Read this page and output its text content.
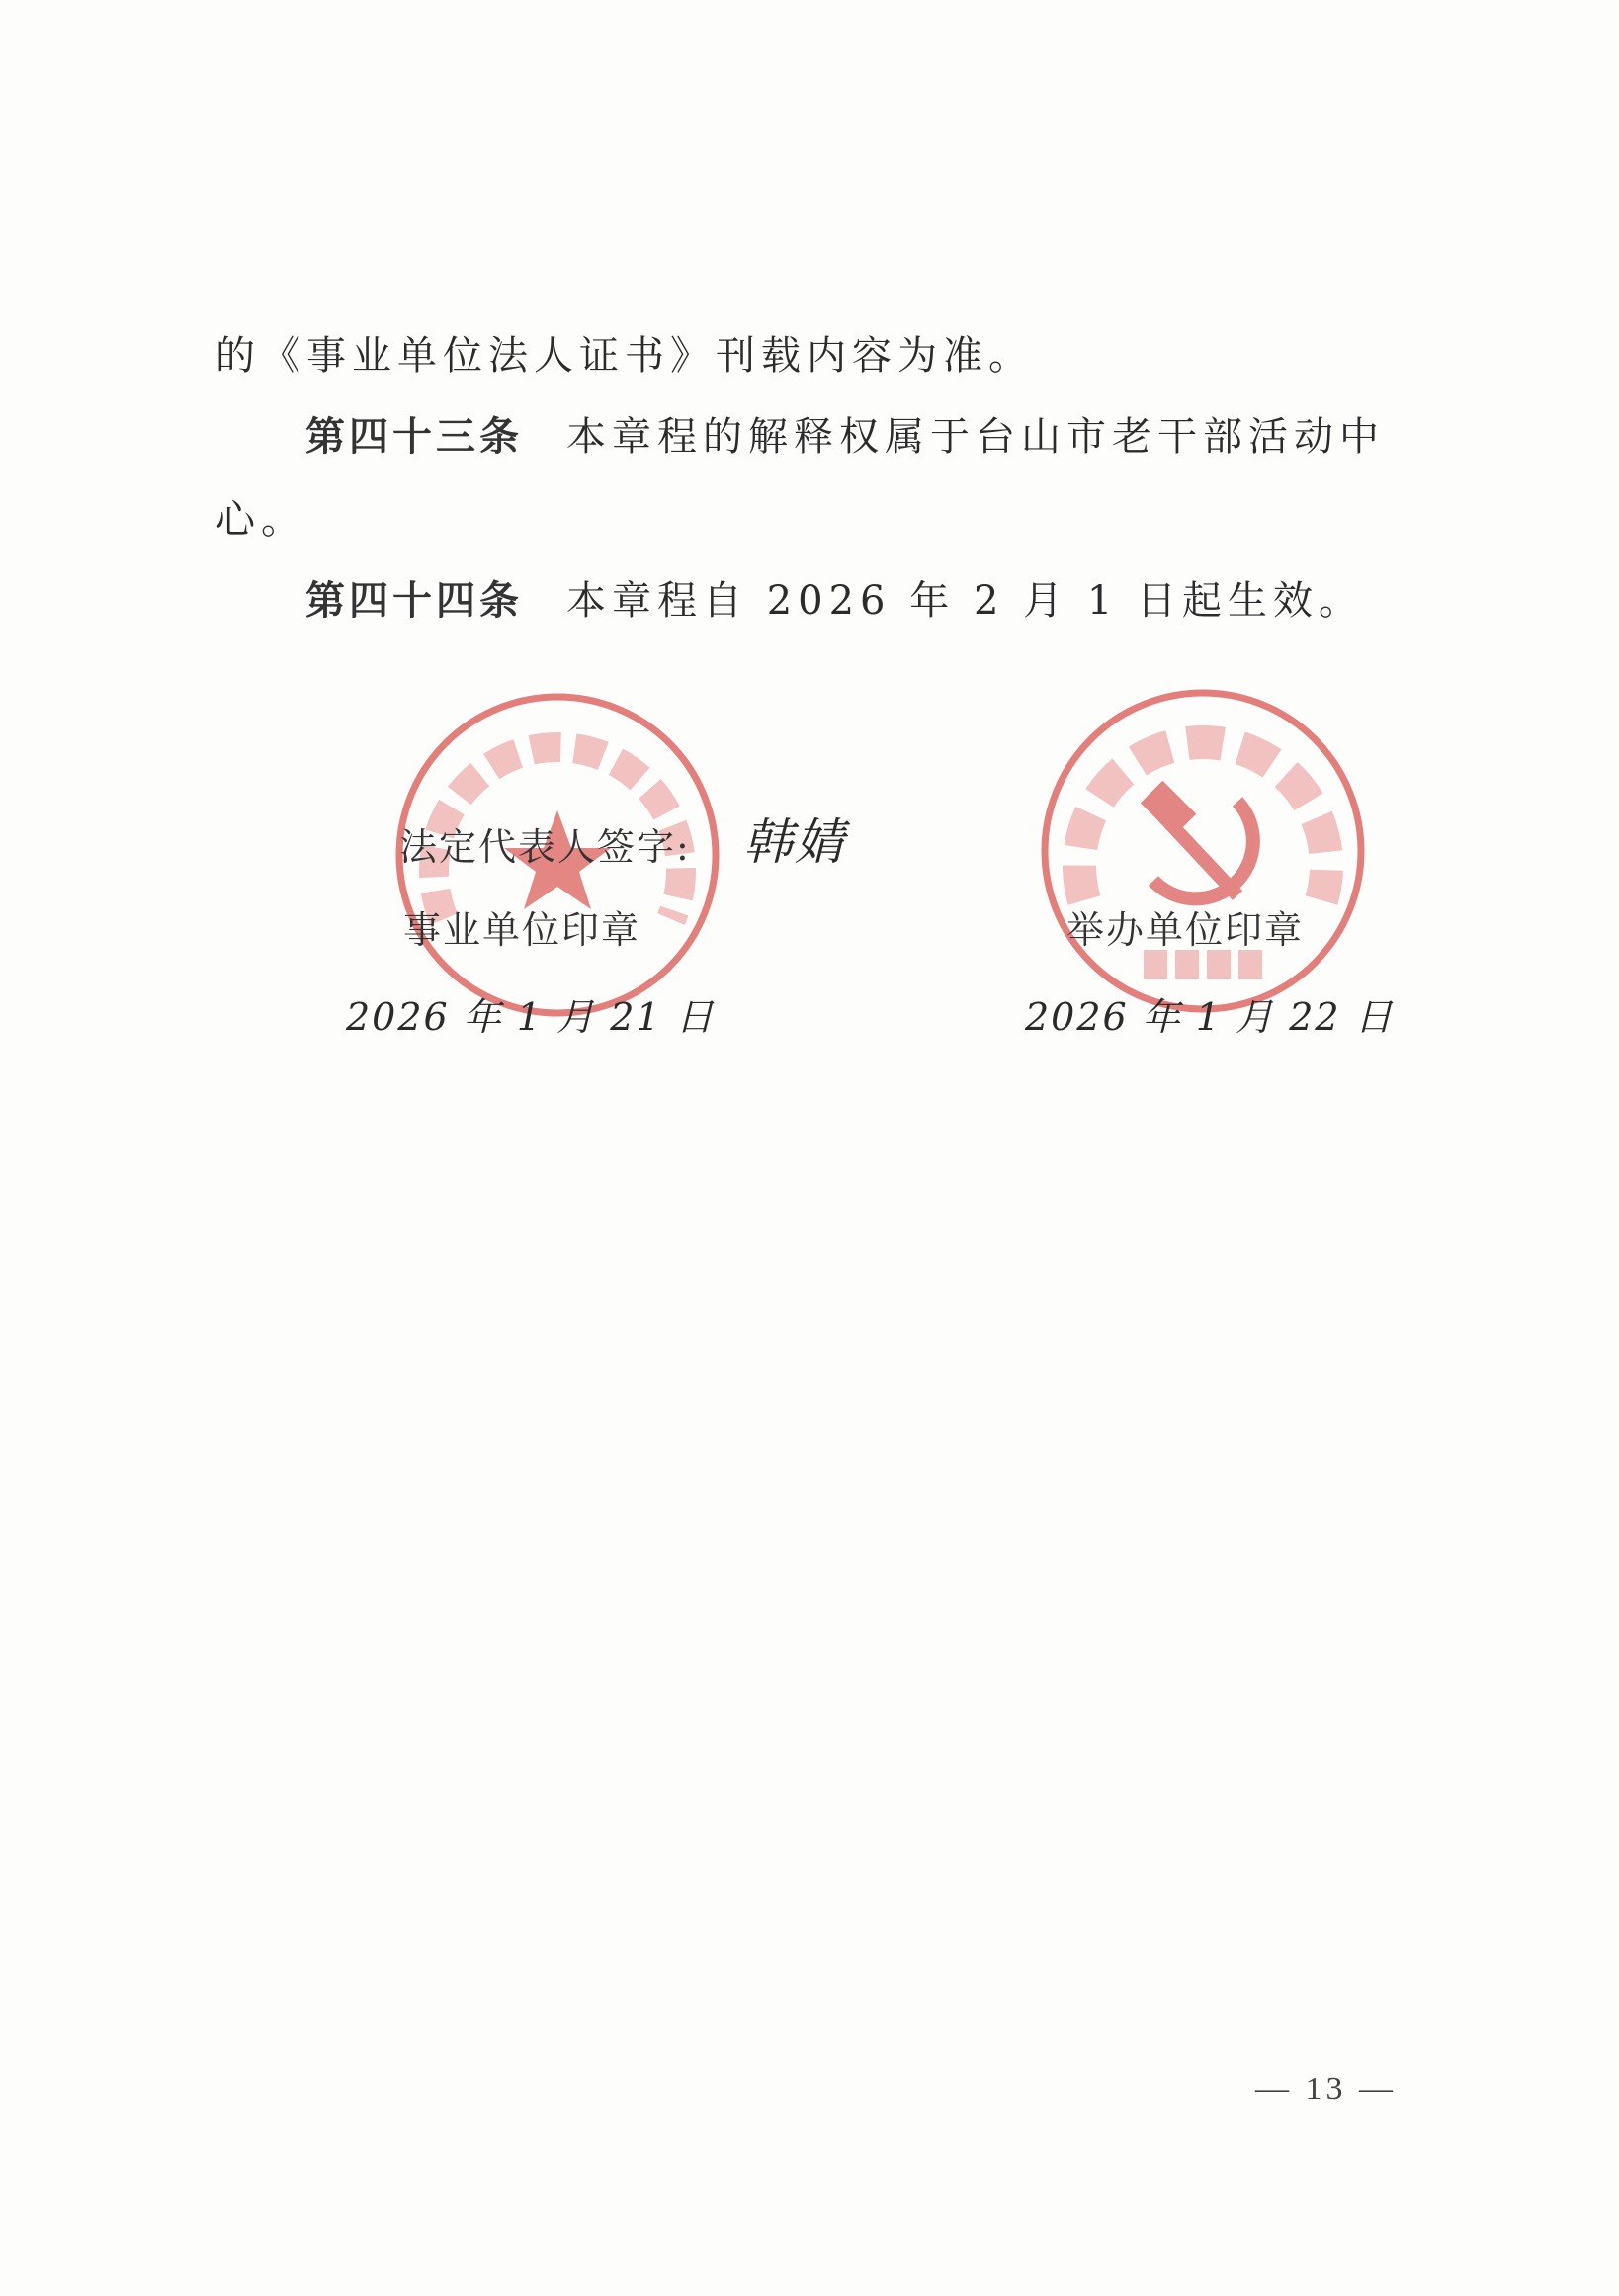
的《事业单位法人证书》刊载内容为准。
第四十三条 本章程的解释权属于台山市老干部活动中
心。
第四十四条 本章程自 2026 年 2 月 1 日起生效。
法定代表人签字: 韩婧
事业单位印章
2026 年 1 月 21 日
举办单位印章
2026 年 1 月 22 日
— 13 —
